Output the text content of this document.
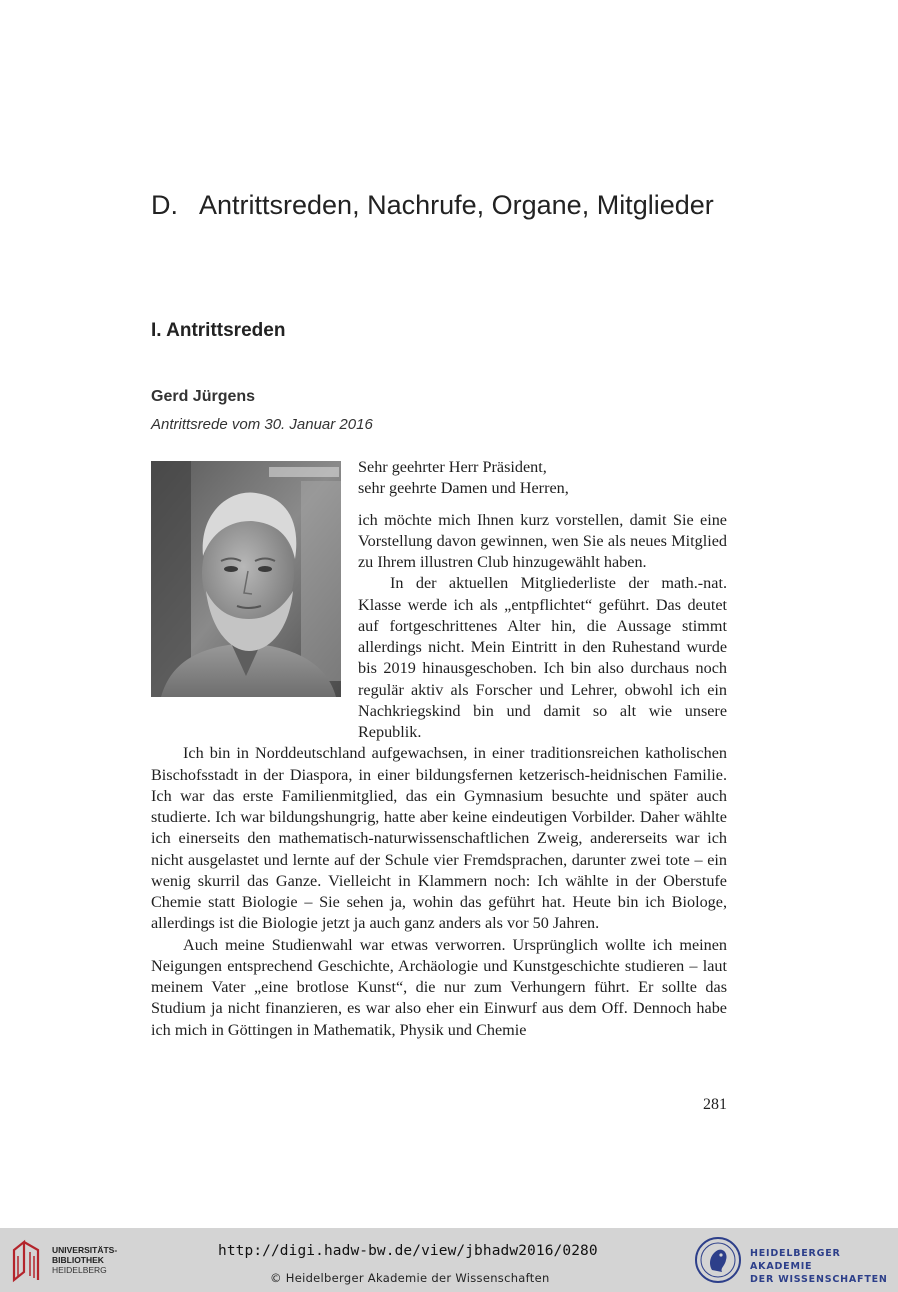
D. Antrittsreden, Nachrufe, Organe, Mitglieder
I. Antrittsreden
Gerd Jürgens
Antrittsrede vom 30. Januar 2016

Sehr geehrter Herr Präsident,

sehr geehrte Damen und Herren,

ich möchte mich Ihnen kurz vorstellen, damit Sie eine Vorstellung davon gewinnen, wen Sie als neues Mitglied zu Ihrem illustren Club hinzugewählt haben.

In der aktuellen Mitgliederliste der math.-nat. Klasse werde ich als „entpflichtet“ geführt. Das deutet auf fortgeschrittenes Alter hin, die Aussage stimmt allerdings nicht. Mein Eintritt in den Ruhestand wurde bis 2019 hinausgeschoben. Ich bin also durchaus noch regulär aktiv als Forscher und Lehrer, obwohl ich ein Nachkriegskind bin und damit so alt wie unsere Republik.

Ich bin in Norddeutschland aufgewachsen, in einer traditionsreichen katholischen Bischofsstadt in der Diaspora, in einer bildungsfernen ketzerisch-heidnischen Familie. Ich war das erste Familienmitglied, das ein Gymnasium besuchte und später auch studierte. Ich war bildungshungrig, hatte aber keine eindeutigen Vorbilder. Daher wählte ich einerseits den mathematisch-naturwissenschaftlichen Zweig, andererseits war ich nicht ausgelastet und lernte auf der Schule vier Fremdsprachen, darunter zwei tote – ein wenig skurril das Ganze. Vielleicht in Klammern noch: Ich wählte in der Oberstufe Chemie statt Biologie – Sie sehen ja, wohin das geführt hat. Heute bin ich Biologe, allerdings ist die Biologie jetzt ja auch ganz anders als vor 50 Jahren.

Auch meine Studienwahl war etwas verworren. Ursprünglich wollte ich meinen Neigungen entsprechend Geschichte, Archäologie und Kunstgeschichte studieren – laut meinem Vater „eine brotlose Kunst“, die nur zum Verhungern führt. Er sollte das Studium ja nicht finanzieren, es war also eher ein Einwurf aus dem Off. Dennoch habe ich mich in Göttingen in Mathematik, Physik und Chemie

281
UNIVERSITÄTS-
BIBLIOTHEK
HEIDELBERG
http://digi.hadw-bw.de/view/jbhadw2016/0280
© Heidelberger Akademie der Wissenschaften
HEIDELBERGER AKADEMIE
DER WISSENSCHAFTEN
